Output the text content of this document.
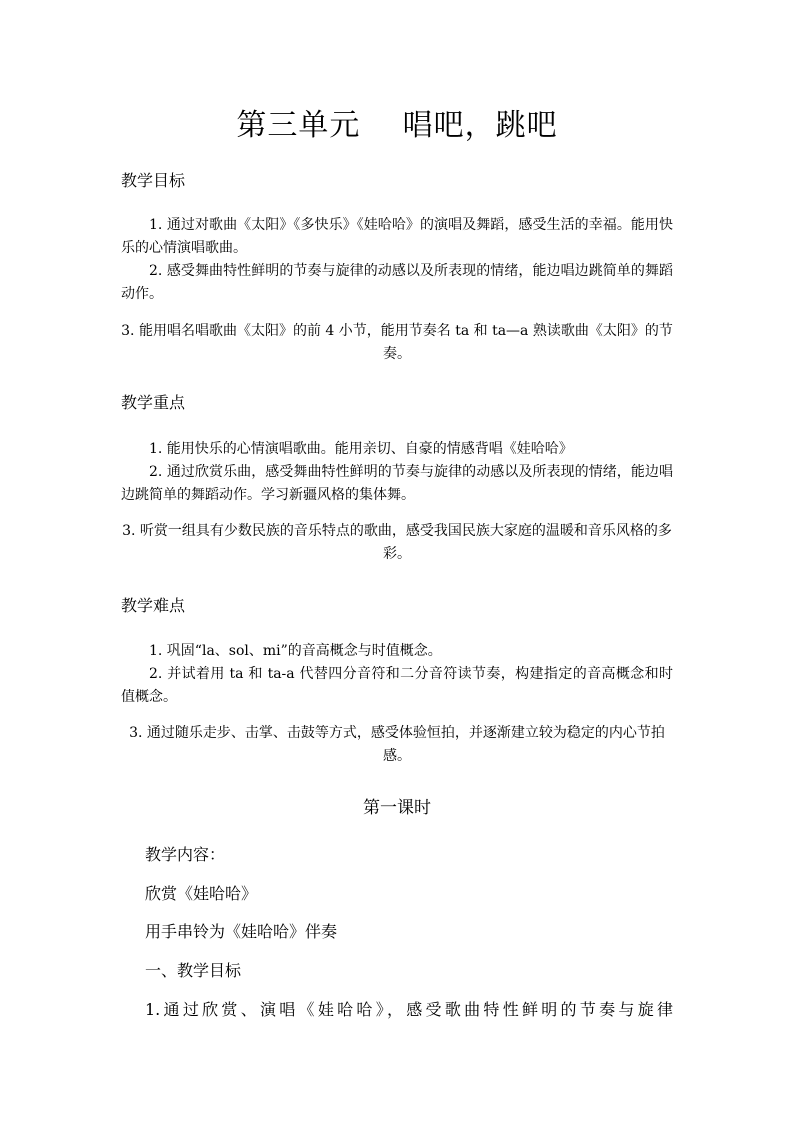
第三单元    唱吧，跳吧
教学目标
1. 通过对歌曲《太阳》《多快乐》《娃哈哈》的演唱及舞蹈，感受生活的幸福。能用快乐的心情演唱歌曲。
2. 感受舞曲特性鲜明的节奏与旋律的动感以及所表现的情绪，能边唱边跳简单的舞蹈动作。
3. 能用唱名唱歌曲《太阳》的前 4 小节，能用节奏名 ta 和 ta—a 熟读歌曲《太阳》的节奏。
教学重点
1. 能用快乐的心情演唱歌曲。能用亲切、自豪的情感背唱《娃哈哈》
2. 通过欣赏乐曲，感受舞曲特性鲜明的节奏与旋律的动感以及所表现的情绪，能边唱边跳简单的舞蹈动作。学习新疆风格的集体舞。
3. 听赏一组具有少数民族的音乐特点的歌曲，感受我国民族大家庭的温暖和音乐风格的多彩。
教学难点
1. 巩固“la、sol、mi”的音高概念与时值概念。
2. 并试着用 ta 和 ta-a 代替四分音符和二分音符读节奏，构建指定的音高概念和时值概念。
3. 通过随乐走步、击掌、击鼓等方式，感受体验恒拍，并逐渐建立较为稳定的内心节拍感。
第一课时
教学内容：
欣赏《娃哈哈》
用手串铃为《娃哈哈》伴奏
一、教学目标
1.通过欣赏、演唱《娃哈哈》，感受歌曲特性鲜明的节奏与旋律
